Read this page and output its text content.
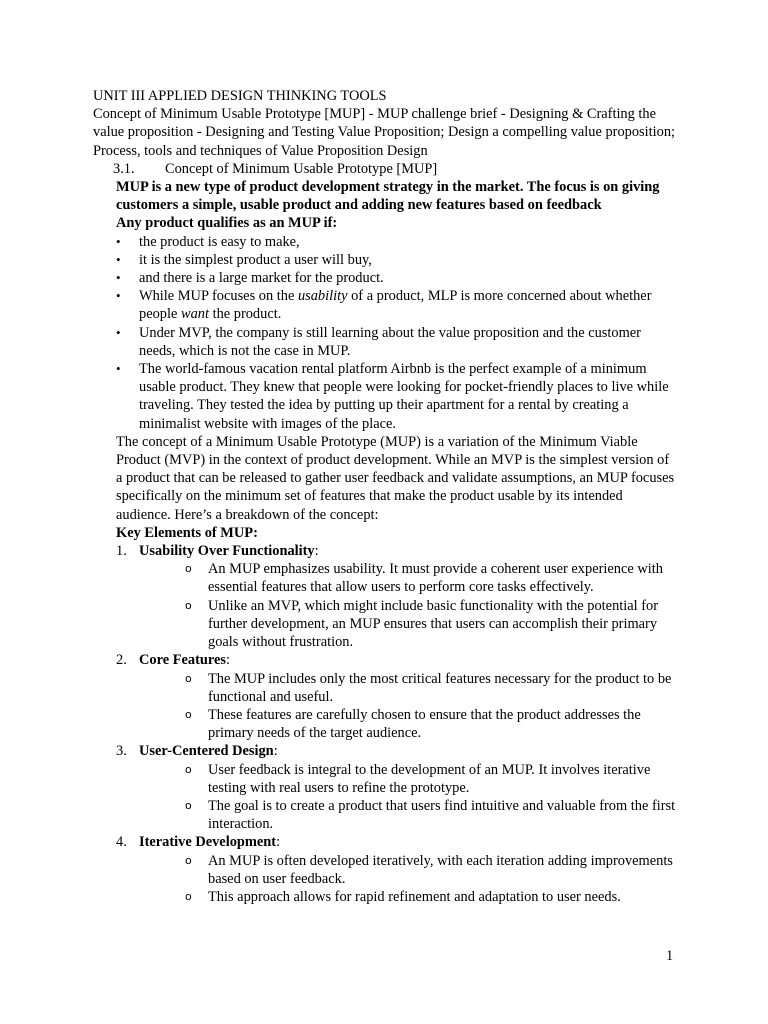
UNIT III APPLIED DESIGN THINKING TOOLS

Concept of Minimum Usable Prototype [MUP] - MUP challenge brief - Designing & Crafting the value proposition - Designing and Testing Value Proposition; Design a compelling value proposition; Process, tools and techniques of Value Proposition Design

3.1. Concept of Minimum Usable Prototype [MUP]

MUP is a new type of product development strategy in the market. The focus is on giving customers a simple, usable product and adding new features based on feedback

Any product qualifies as an MUP if:

• the product is easy to make,
• it is the simplest product a user will buy,
• and there is a large market for the product.
• While MUP focuses on the usability of a product, MLP is more concerned about whether people want the product.
• Under MVP, the company is still learning about the value proposition and the customer needs, which is not the case in MUP.
• The world-famous vacation rental platform Airbnb is the perfect example of a minimum usable product. They knew that people were looking for pocket-friendly places to live while traveling. They tested the idea by putting up their apartment for a rental by creating a minimalist website with images of the place.

The concept of a Minimum Usable Prototype (MUP) is a variation of the Minimum Viable Product (MVP) in the context of product development. While an MVP is the simplest version of a product that can be released to gather user feedback and validate assumptions, an MUP focuses specifically on the minimum set of features that make the product usable by its intended audience. Here’s a breakdown of the concept:

Key Elements of MUP:

1. Usability Over Functionality:
o An MUP emphasizes usability. It must provide a coherent user experience with essential features that allow users to perform core tasks effectively.
o Unlike an MVP, which might include basic functionality with the potential for further development, an MUP ensures that users can accomplish their primary goals without frustration.
2. Core Features:
o The MUP includes only the most critical features necessary for the product to be functional and useful.
o These features are carefully chosen to ensure that the product addresses the primary needs of the target audience.
3. User-Centered Design:
o User feedback is integral to the development of an MUP. It involves iterative testing with real users to refine the prototype.
o The goal is to create a product that users find intuitive and valuable from the first interaction.
4. Iterative Development:
o An MUP is often developed iteratively, with each iteration adding improvements based on user feedback.
o This approach allows for rapid refinement and adaptation to user needs.
1
